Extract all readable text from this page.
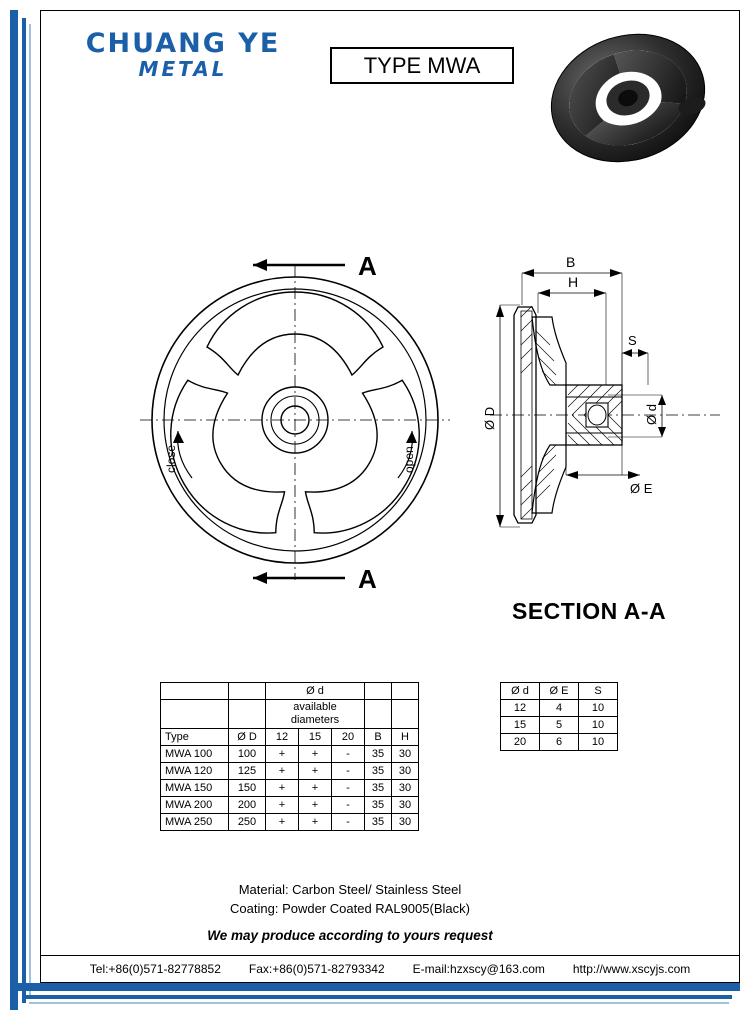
CHUANG YE
METAL	TYPE MWA
A
A
close	open
Ø D
B
H
S
Ø d
Ø E
SECTION A-A
		Ø d				
		available diameters				
Type	Ø D	12	15	20	B	H
MWA 100	100	+	+	-	35	30
MWA 120	125	+	+	-	35	30
MWA 150	150	+	+	-	35	30
MWA 200	200	+	+	-	35	30
MWA 250	250	+	+	-	35	30
Ø d	Ø E	S
12	4	10
15	5	10
20	6	10
Material: Carbon Steel/ Stainless Steel
Coating: Powder Coated RAL9005(Black)
We may produce according to yours request
Tel:+86(0)571-82778852 Fax:+86(0)571-82793342 E-mail:hzxscy@163.com http://www.xscyjs.com
